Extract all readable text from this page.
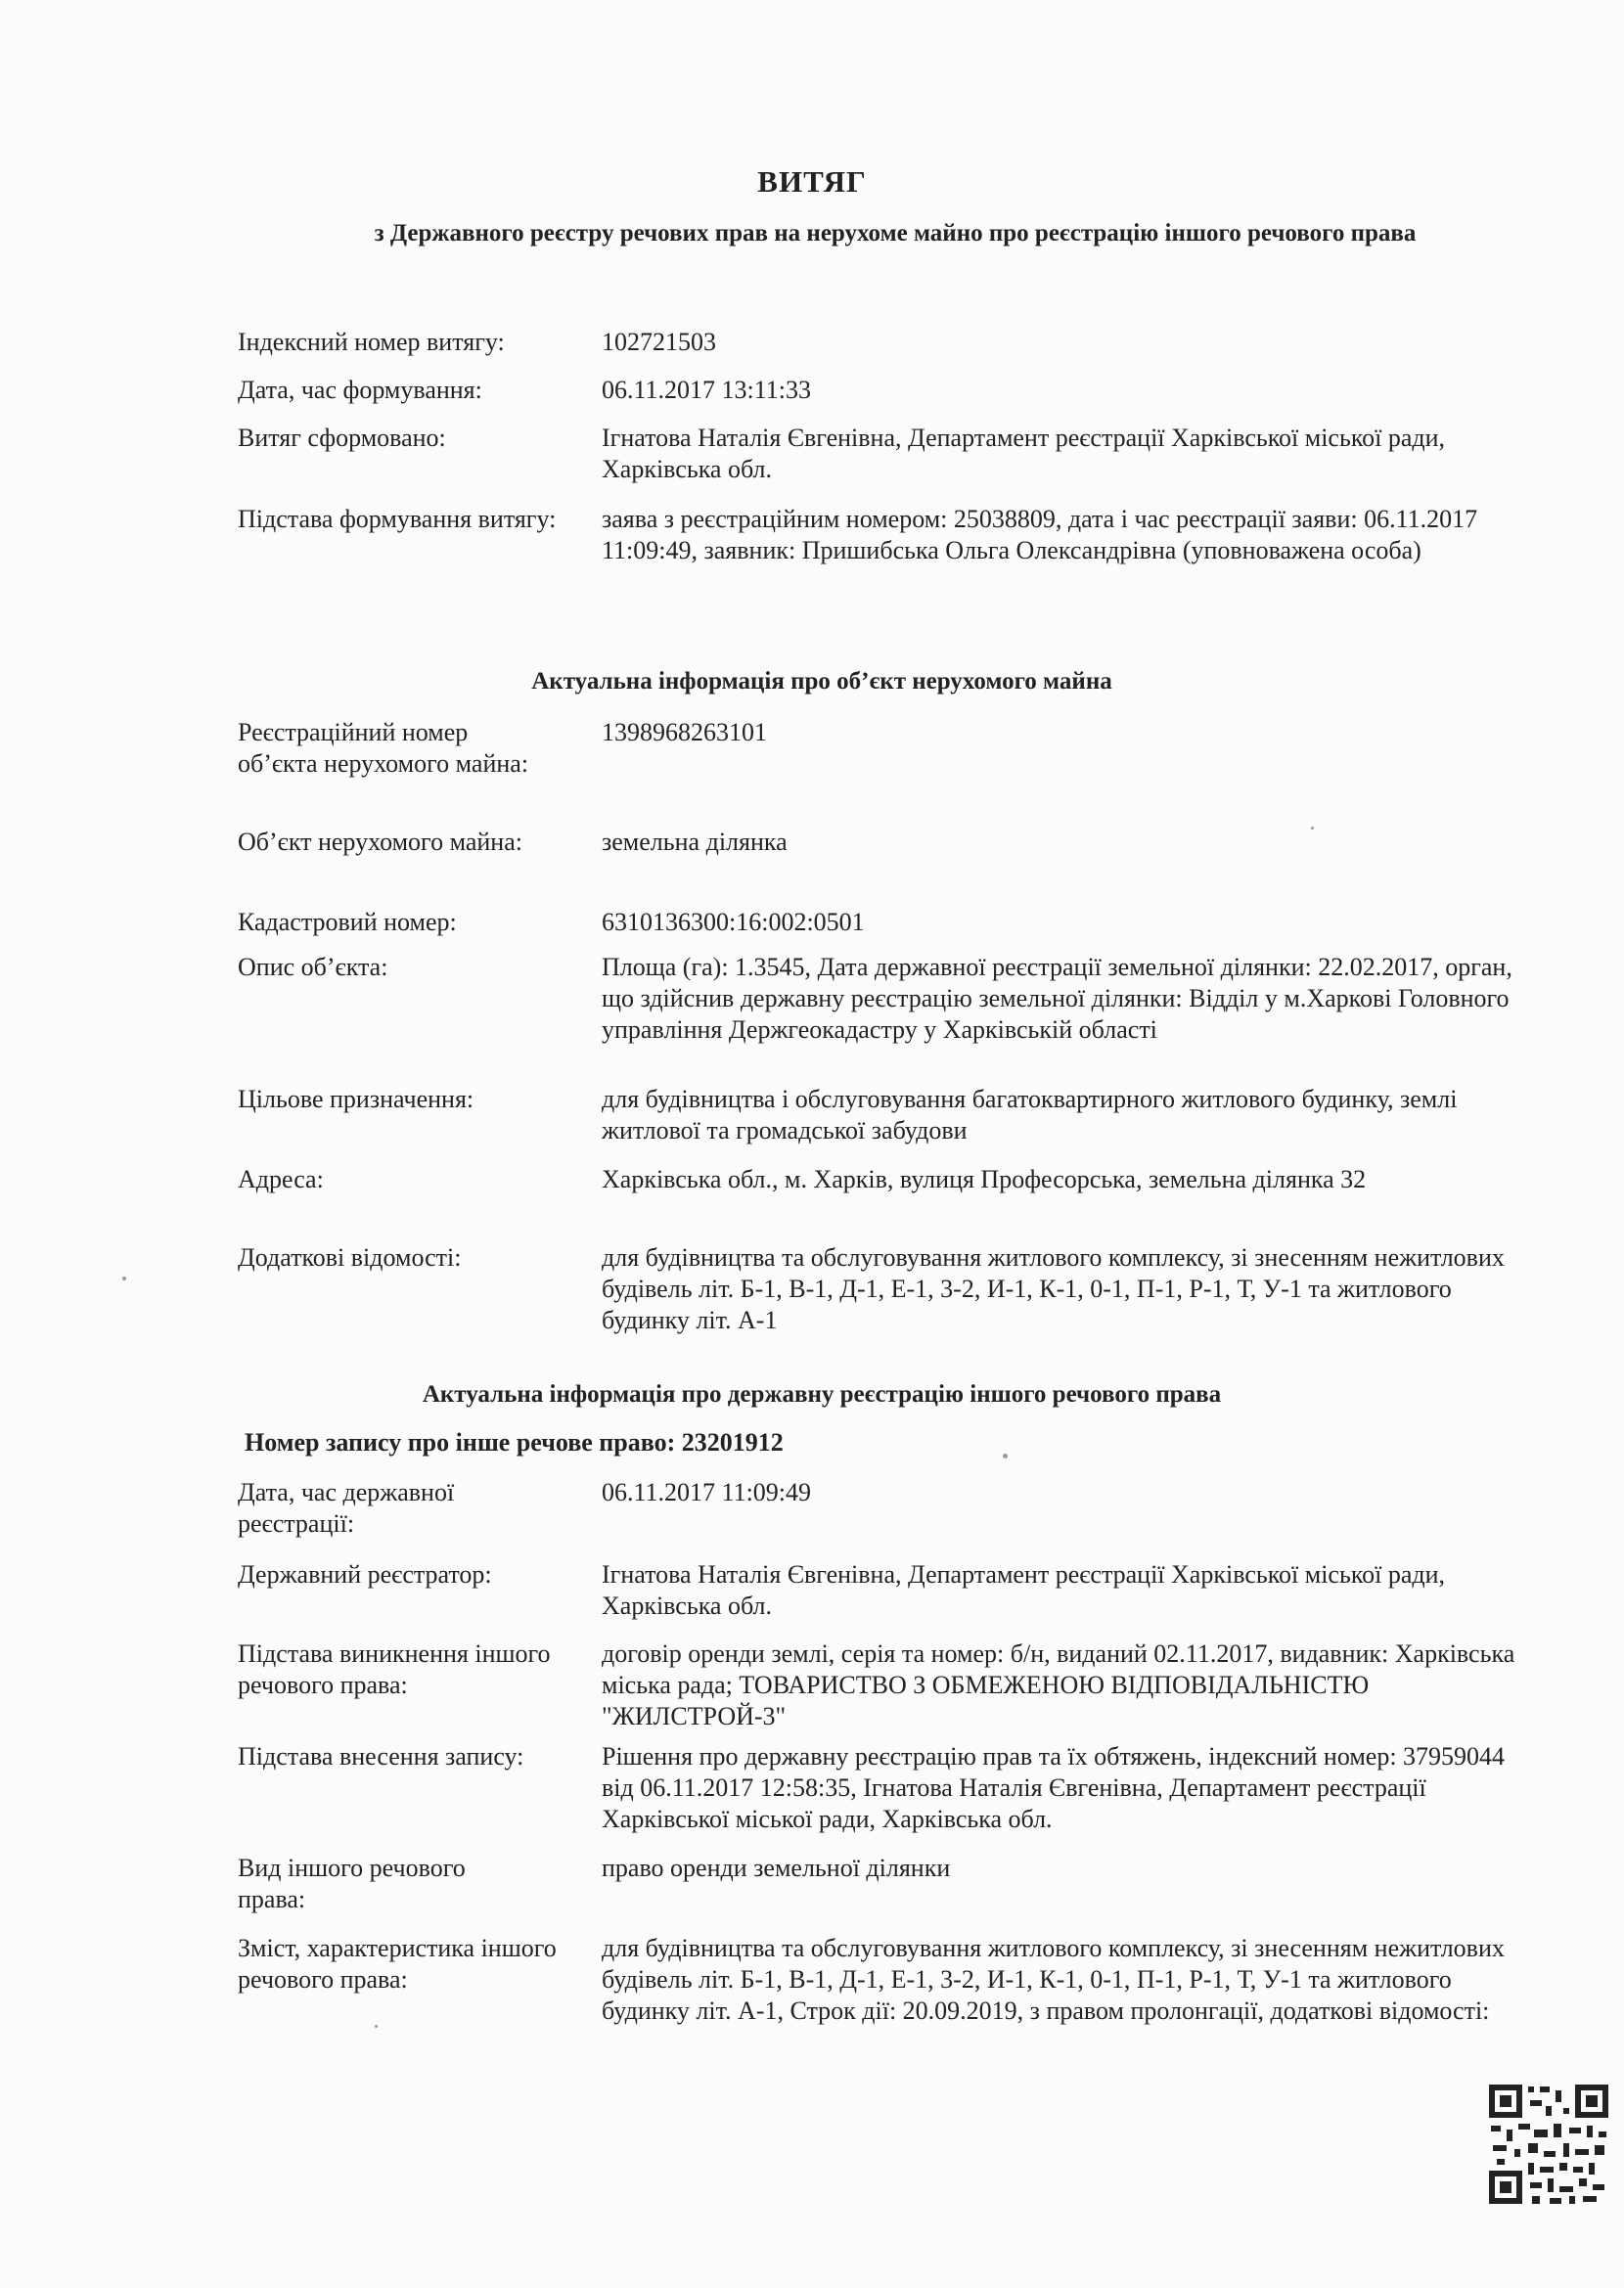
ВИТЯГ
з Державного реєстру речових прав на нерухоме майно про реєстрацію іншого речового права
Індексний номер витягу:	102721503
Дата, час формування:	06.11.2017 13:11:33
Витяг сформовано:	Ігнатова Наталія Євгенівна, Департамент реєстрації Харківської міської ради, Харківська обл.
Підстава формування витягу: заява з реєстраційним номером: 25038809, дата і час реєстрації заяви: 06.11.2017 11:09:49, заявник: Пришибська Ольга Олександрівна (уповноважена особа)
Актуальна інформація про об’єкт нерухомого майна
Реєстраційний номер об’єкта нерухомого майна:
1398968263101
Об’єкт нерухомого майна:	земельна ділянка
Кадастровий номер:	6310136300:16:002:0501
Опис об’єкта:	Площа (га): 1.3545, Дата державної реєстрації земельної ділянки: 22.02.2017, орган, що здійснив державну реєстрацію земельної ділянки: Відділ у м.Харкові Головного управління Держгеокадастру у Харківській області
Цільове призначення:	для будівництва і обслуговування багатоквартирного житлового будинку, землі житлової та громадської забудови
Адреса:	Харківська обл., м. Харків, вулиця Професорська, земельна ділянка 32
Додаткові відомості:	для будівництва та обслуговування житлового комплексу, зі знесенням нежитлових будівель літ. Б-1, В-1, Д-1, Е-1, 3-2, И-1, К-1, 0-1, П-1, Р-1, Т, У-1 та житлового будинку літ. А-1
Актуальна інформація про державну реєстрацію іншого речового права
Номер запису про інше речове право: 23201912
Дата, час державної реєстрації:
06.11.2017 11:09:49
Державний реєстратор:	Ігнатова Наталія Євгенівна, Департамент реєстрації Харківської міської ради, Харківська обл.
Підстава виникнення іншого речового права:
договір оренди землі, серія та номер: б/н, виданий 02.11.2017, видавник: Харківська міська рада; ТОВАРИСТВО З ОБМЕЖЕНОЮ ВІДПОВІДАЛЬНІСТЮ "ЖИЛСТРОЙ-3"
Підстава внесення запису:	Рішення про державну реєстрацію прав та їх обтяжень, індексний номер: 37959044 від 06.11.2017 12:58:35, Ігнатова Наталія Євгенівна, Департамент реєстрації Харківської міської ради, Харківська обл.
Вид іншого речового права:
право оренди земельної ділянки
Зміст, характеристика іншого речового права:
для будівництва та обслуговування житлового комплексу, зі знесенням нежитлових будівель літ. Б-1, В-1, Д-1, Е-1, 3-2, И-1, К-1, 0-1, П-1, Р-1, Т, У-1 та житлового будинку літ. А-1, Строк дії: 20.09.2019, з правом пролонгації, додаткові відомості:
